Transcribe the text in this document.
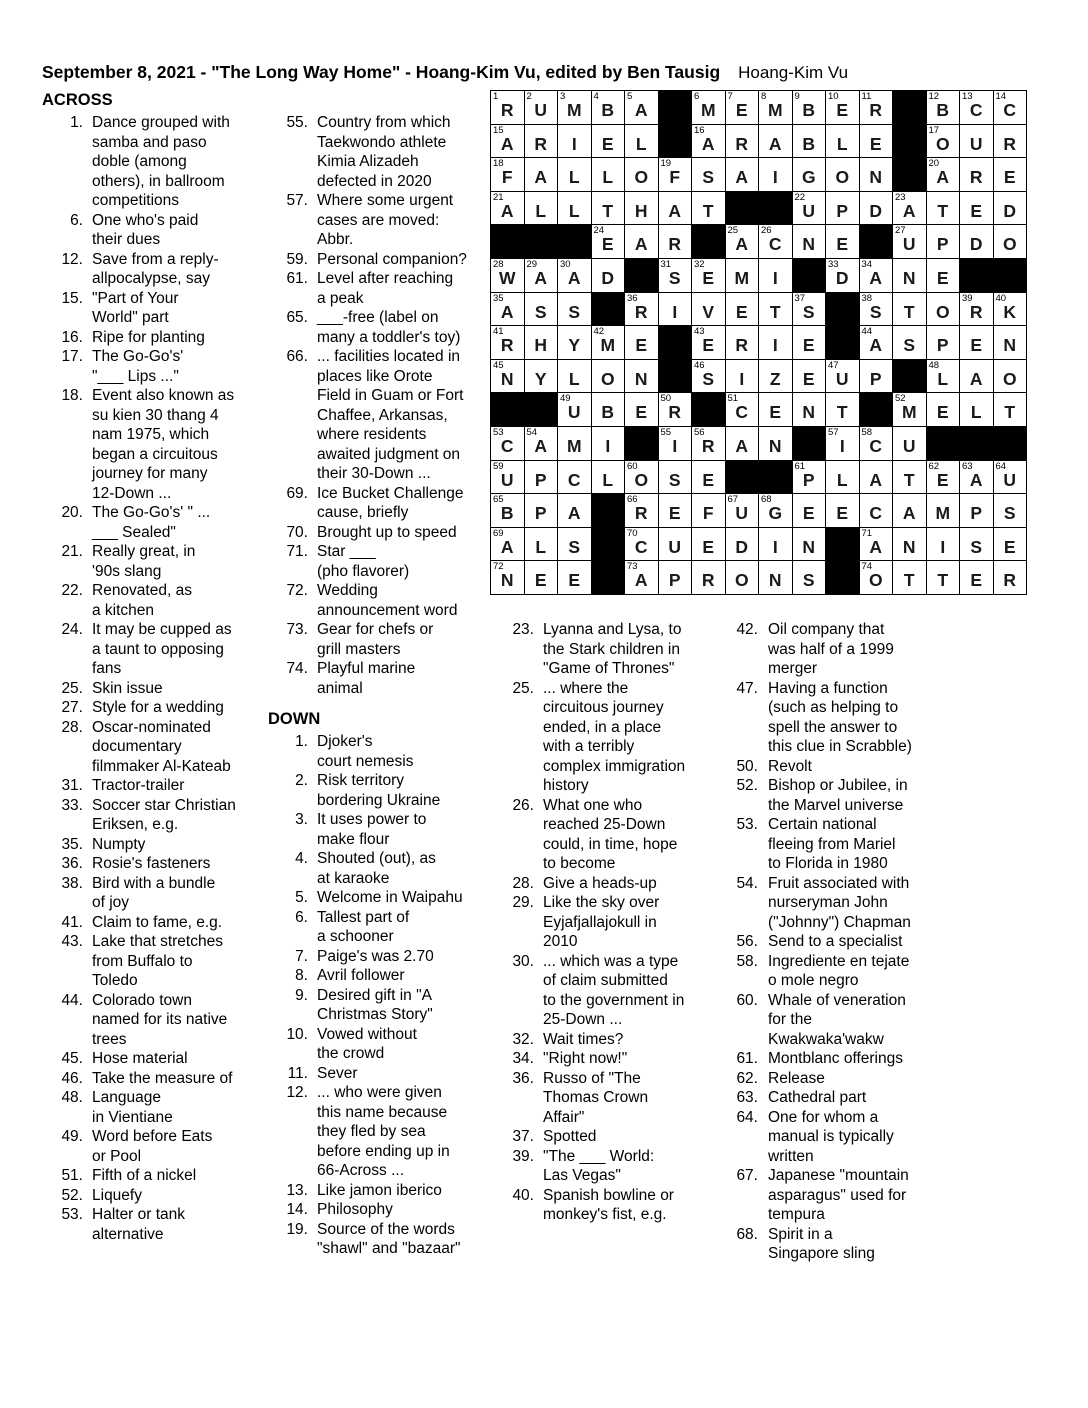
September 8, 2021 - "The Long Way Home" - Hoang-Kim Vu, edited by Ben Tausig Hoang-Kim Vu
ACROSS
1. Dance grouped with
samba and paso
doble (among
others), in ballroom
competitions
6. One who's paid
their dues
12. Save from a reply-
allpocalypse, say
15. "Part of Your
World" part
16. Ripe for planting
17. The Go-Go's'
"___ Lips ..."
18. Event also known as
su kien 30 thang 4
nam 1975, which
began a circuitous
journey for many
12-Down ...
20. The Go-Go's' " ...
___ Sealed"
21. Really great, in
'90s slang
22. Renovated, as
a kitchen
24. It may be cupped as
a taunt to opposing
fans
25. Skin issue
27. Style for a wedding
28. Oscar-nominated
documentary
filmmaker Al-Kateab
31. Tractor-trailer
33. Soccer star Christian
Eriksen, e.g.
35. Numpty
36. Rosie's fasteners
38. Bird with a bundle
of joy
41. Claim to fame, e.g.
43. Lake that stretches
from Buffalo to
Toledo
44. Colorado town
named for its native
trees
45. Hose material
46. Take the measure of
48. Language
in Vientiane
49. Word before Eats
or Pool
51. Fifth of a nickel
52. Liquefy
53. Halter or tank
alternative
55. Country from which
Taekwondo athlete
Kimia Alizadeh
defected in 2020
57. Where some urgent
cases are moved:
Abbr.
59. Personal companion?
61. Level after reaching
a peak
65. ___-free (label on
many a toddler's toy)
66. ... facilities located in
places like Orote
Field in Guam or Fort
Chaffee, Arkansas,
where residents
awaited judgment on
their 30-Down ...
69. Ice Bucket Challenge
cause, briefly
70. Brought up to speed
71. Star ___
(pho flavorer)
72. Wedding
announcement word
73. Gear for chefs or
grill masters
74. Playful marine
animal
DOWN
1. Djoker's
court nemesis
2. Risk territory
bordering Ukraine
3. It uses power to
make flour
4. Shouted (out), as
at karaoke
5. Welcome in Waipahu
6. Tallest part of
a schooner
7. Paige's was 2.70
8. Avril follower
9. Desired gift in "A
Christmas Story"
10. Vowed without
the crowd
11. Sever
12. ... who were given
this name because
they fled by sea
before ending up in
66-Across ...
13. Like jamon iberico
14. Philosophy
19. Source of the words
"shawl" and "bazaar"
1
R
2
U
3
M
4
B
5
A
6
M
7
E
8
M
9
B
10
E
11
R
12
B
13
C
14
C
15
A R I E L
16
A R A B L E
17
O U R
18
F A L L O
19
F S A I G O N
20
A R E
21
A L L T H A T
22
U P D
23
A T E D
24
E A R
25
A
26
C N E
27
U P D O
28
W
29
A
30
A D
31
S
32
E M I
33
D
34
A N E
35
A S S
36
R I V E T
37
S
38
S T O
39
R
40
K
41
R H Y
42
M E
43
E R I E
44
A S P E N
45
N Y L O N
46
S I Z E
47
U P
48
L A O
49
U B E
50
R
51
C E N T
52
M E L T
53
C
54
A M I
55
I
56
R A N
57
I
58
C U
59
U P C L
60
O S E
61
P L A T
62
E
63
A
64
U
65
B P A
66
R E F
67
U
68
G E E C A M P S
69
A L S
70
C U E D I N
71
A N I S E
72
N E E
73
A P R O N S
74
O T T E R
23. Lyanna and Lysa, to
the Stark children in
"Game of Thrones"
25. ... where the
circuitous journey
ended, in a place
with a terribly
complex immigration
history
26. What one who
reached 25-Down
could, in time, hope
to become
28. Give a heads-up
29. Like the sky over
Eyjafjallajokull in
2010
30. ... which was a type
of claim submitted
to the government in
25-Down ...
32. Wait times?
34. "Right now!"
36. Russo of "The
Thomas Crown
Affair"
37. Spotted
39. "The ___ World:
Las Vegas"
40. Spanish bowline or
monkey's fist, e.g.
42. Oil company that
was half of a 1999
merger
47. Having a function
(such as helping to
spell the answer to
this clue in Scrabble)
50. Revolt
52. Bishop or Jubilee, in
the Marvel universe
53. Certain national
fleeing from Mariel
to Florida in 1980
54. Fruit associated with
nurseryman John
("Johnny") Chapman
56. Send to a specialist
58. Ingrediente en tejate
o mole negro
60. Whale of veneration
for the
Kwakwaka'wakw
61. Montblanc offerings
62. Release
63. Cathedral part
64. One for whom a
manual is typically
written
67. Japanese "mountain
asparagus" used for
tempura
68. Spirit in a
Singapore sling
